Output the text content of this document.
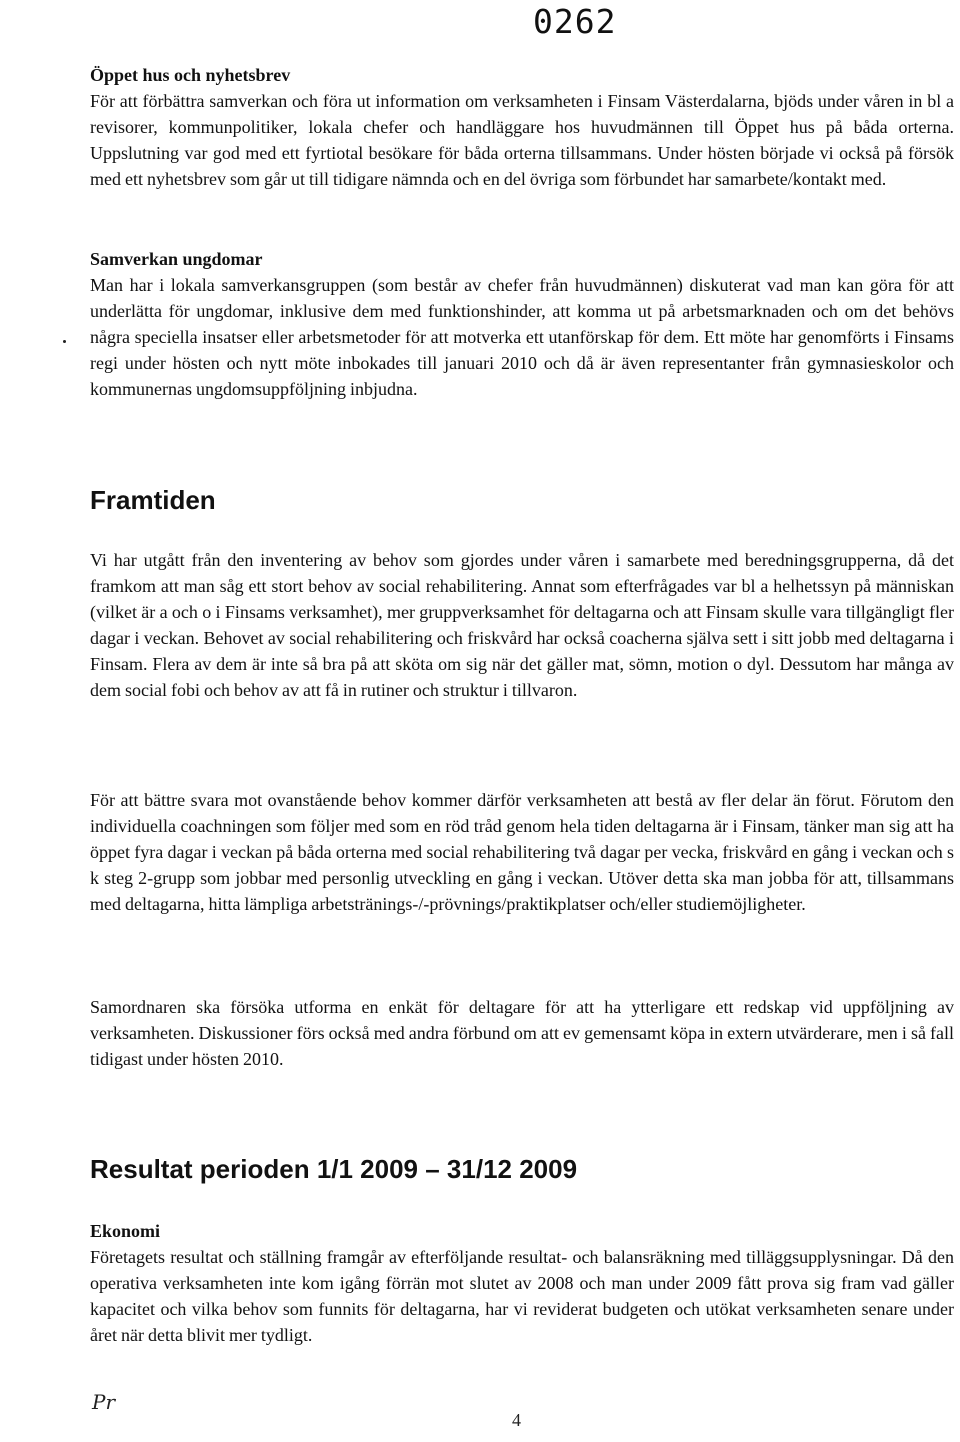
0262

Öppet hus och nyhetsbrev

För att förbättra samverkan och föra ut information om verksamheten i Finsam Västerdalarna, bjöds under våren in bl a revisorer, kommunpolitiker, lokala chefer och handläggare hos huvudmännen till Öppet hus på båda orterna. Uppslutning var god med ett fyrtiotal besökare för båda orterna tillsammans. Under hösten började vi också på försök med ett nyhetsbrev som går ut till tidigare nämnda och en del övriga som förbundet har samarbete/kontakt med.

Samverkan ungdomar

Man har i lokala samverkansgruppen (som består av chefer från huvudmännen) diskuterat vad man kan göra för att underlätta för ungdomar, inklusive dem med funktionshinder, att komma ut på arbetsmarknaden och om det behövs några speciella insatser eller arbetsmetoder för att motverka ett utanförskap för dem. Ett möte har genomförts i Finsams regi under hösten och nytt möte inbokades till januari 2010 och då är även representanter från gymnasieskolor och kommunernas ungdomsuppföljning inbjudna.

Framtiden

Vi har utgått från den inventering av behov som gjordes under våren i samarbete med beredningsgrupperna, då det framkom att man såg ett stort behov av social rehabilitering. Annat som efterfrågades var bl a helhetssyn på människan (vilket är a och o i Finsams verksamhet), mer gruppverksamhet för deltagarna och att Finsam skulle vara tillgängligt fler dagar i veckan. Behovet av social rehabilitering och friskvård har också coacherna själva sett i sitt jobb med deltagarna i Finsam. Flera av dem är inte så bra på att sköta om sig när det gäller mat, sömn, motion o dyl. Dessutom har många av dem social fobi och behov av att få in rutiner och struktur i tillvaron.

För att bättre svara mot ovanstående behov kommer därför verksamheten att bestå av fler delar än förut. Förutom den individuella coachningen som följer med som en röd tråd genom hela tiden deltagarna är i Finsam, tänker man sig att ha öppet fyra dagar i veckan på båda orterna med social rehabilitering två dagar per vecka, friskvård en gång i veckan och s k steg 2-grupp som jobbar med personlig utveckling en gång i veckan. Utöver detta ska man jobba för att, tillsammans med deltagarna, hitta lämpliga arbetstränings-/-prövnings/praktikplatser och/eller studiemöjligheter.

Samordnaren ska försöka utforma en enkät för deltagare för att ha ytterligare ett redskap vid uppföljning av verksamheten. Diskussioner förs också med andra förbund om att ev gemensamt köpa in extern utvärderare, men i så fall tidigast under hösten 2010.

Resultat perioden 1/1 2009 – 31/12 2009

Ekonomi

Företagets resultat och ställning framgår av efterföljande resultat- och balansräkning med tilläggsupplysningar. Då den operativa verksamheten inte kom igång förrän mot slutet av 2008 och man under 2009 fått prova sig fram vad gäller kapacitet och vilka behov som funnits för deltagarna, har vi reviderat budgeten och utökat verksamheten senare under året när detta blivit mer tydligt.

Pr
4
